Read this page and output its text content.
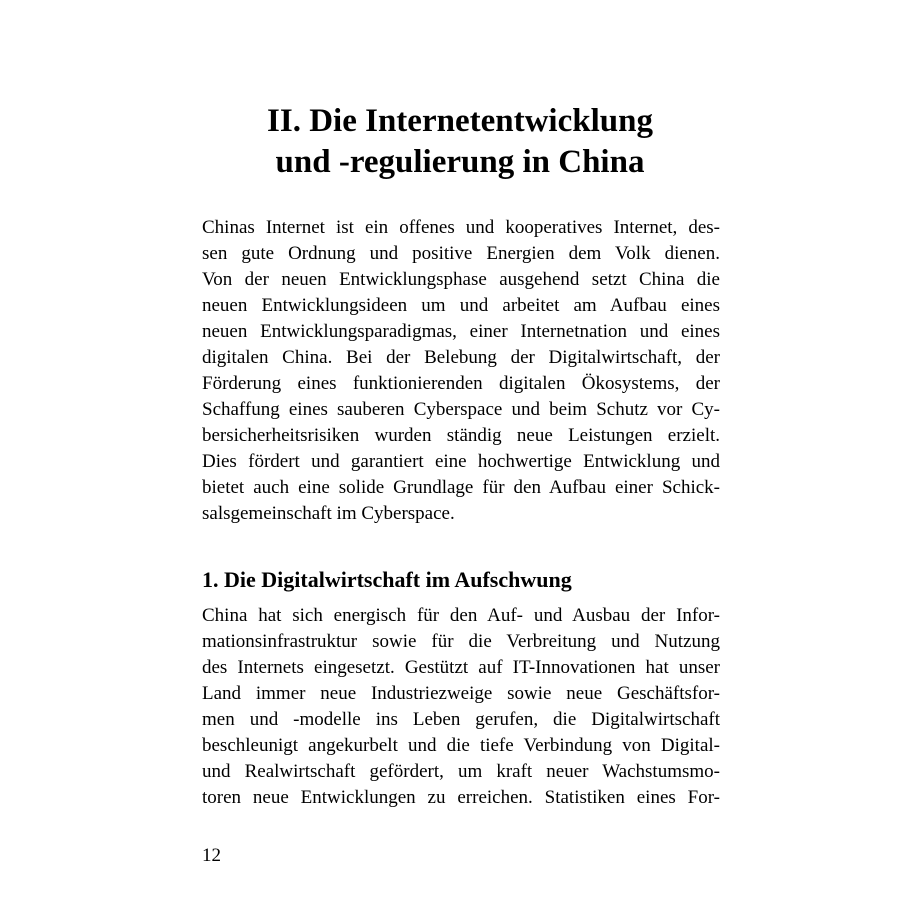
II. Die Internetentwicklung
und -regulierung in China

Chinas Internet ist ein offenes und kooperatives Internet, des-
sen gute Ordnung und positive Energien dem Volk dienen.
Von der neuen Entwicklungsphase ausgehend setzt China die
neuen Entwicklungsideen um und arbeitet am Aufbau eines
neuen Entwicklungsparadigmas, einer Internetnation und eines
digitalen China. Bei der Belebung der Digitalwirtschaft, der
Förderung eines funktionierenden digitalen Ökosystems, der
Schaffung eines sauberen Cyberspace und beim Schutz vor Cy-
bersicherheitsrisiken wurden ständig neue Leistungen erzielt.
Dies fördert und garantiert eine hochwertige Entwicklung und
bietet auch eine solide Grundlage für den Aufbau einer Schick-
salsgemeinschaft im Cyberspace.

1. Die Digitalwirtschaft im Aufschwung

China hat sich energisch für den Auf- und Ausbau der Infor-
mationsinfrastruktur sowie für die Verbreitung und Nutzung
des Internets eingesetzt. Gestützt auf IT-Innovationen hat unser
Land immer neue Industriezweige sowie neue Geschäftsfor-
men und -modelle ins Leben gerufen, die Digitalwirtschaft
beschleunigt angekurbelt und die tiefe Verbindung von Digital-
und Realwirtschaft gefördert, um kraft neuer Wachstumsmo-
toren neue Entwicklungen zu erreichen. Statistiken eines For-

12
